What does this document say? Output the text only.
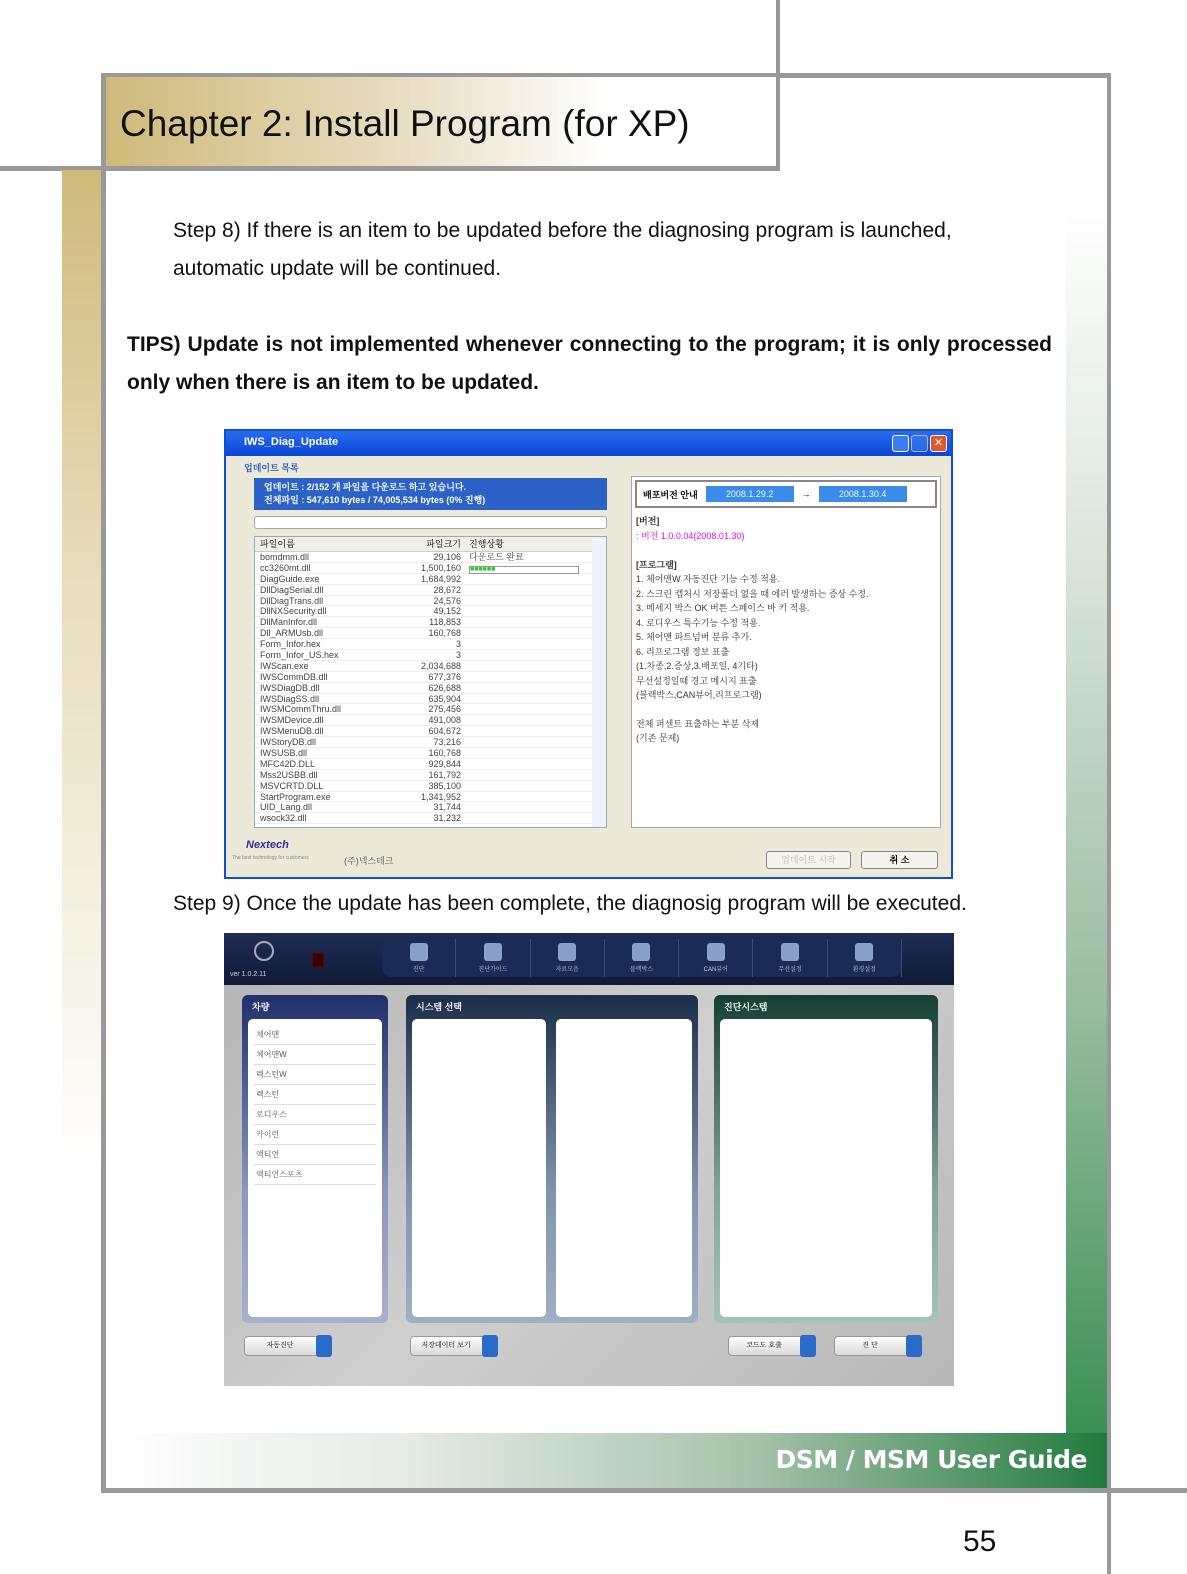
Chapter 2: Install Program (for XP)
Step 8) If there is an item to be updated before the diagnosing program is launched, automatic update will be continued.
TIPS) Update is not implemented whenever connecting to the program; it is only processed only when there is an item to be updated.
IWS_Diag_Update	✕
업데이트 목록
업데이트 : 2/152 개 파일을 다운로드 하고 있습니다.
전체파일 : 547,610 bytes / 74,005,534 bytes (0% 진행)
파일이름	파일크기 진행상황
bomdmm.dll	29,106 다운로드 완료
cc3260mt.dll	1,500,160	■■■■■■
DiagGuide.exe	1,684,992
DllDiagSerial.dll	28,672
DllDiagTrans.dll	24,576
DllNXSecurity.dll	49,152
DllManInfor.dll	118,853
Dll_ARMUsb.dll	160,768
Form_Infor.hex	3
Form_Infor_US.hex	3
IWScan.exe	2,034,688
IWSCommDB.dll	677,376
IWSDiagDB.dll	626,688
IWSDiagSS.dll	635,904
IWSMCommThru.dll	275,456
IWSMDevice.dll	491,008
IWSMenuDB.dll	604,672
IWStoryDB.dll	73,216
IWSUSB.dll	160,768
MFC42D.DLL	929,844
Mss2USBB.dll	161,792
MSVCRTD.DLL	385,100
StartProgram.exe	1,341,952
UID_Lang.dll	31,744
wsock32.dll	31,232
배포버전 안내	2008.1.29.2	→	2008.1.30.4
[버전]
: 버전 1.0.0.04(2008.01.30)

[프로그램]
1. 체어맨W 자동진단 기능 수정 적용.
2. 스크린 캡처시 저장폴더 없을 때 에러 발생하는 증상 수정.
3. 메세지 박스 OK 버튼 스페이스 바 키 적용.
4. 로디우스 특수기능 수정 적용.
5. 체어맨 파트넘버 분류 추가.
6. 리프로그램 정보 표출
(1.차종,2.증상,3.배포일, 4기타)
무선설정일때 경고 메시지 표출
(블랙박스,CAN뷰어,리프로그램)
전체 퍼센트 표출하는 부분 삭제
(기존 문제)
Nextech
The best technology for customers	(주)넥스테크	업데이트 시작	취 소
Step 9) Once the update has been complete, the diagnosig program will be executed.
ver 1.0.2.11
진단	진단가이드	자료모음	블랙박스	CAN뷰어	무선설정	환경설정
차량
체어맨
체어맨W
렉스턴W
렉스턴
로디우스
카이런
액티언
액티언스포츠
시스템 선택	진단시스템
자동진단	저장데이터 보기	코드도 호출	진 단
DSM / MSM User Guide
55
